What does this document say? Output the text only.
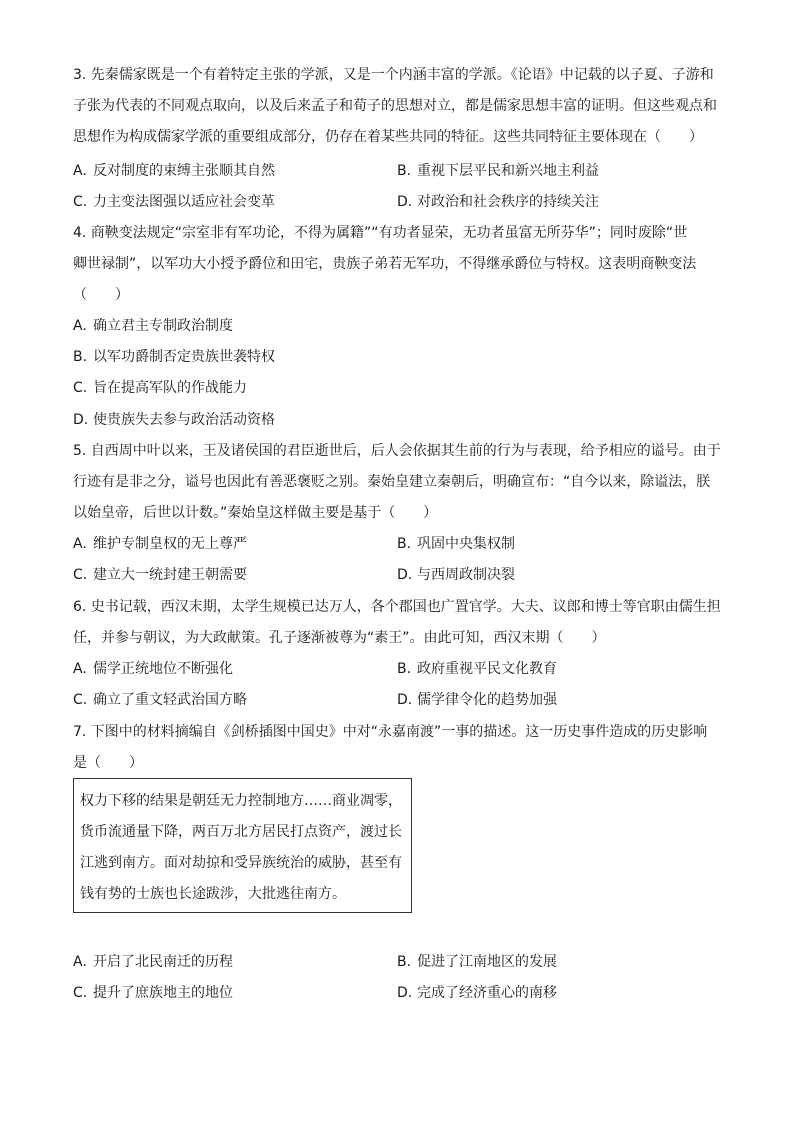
3. 先秦儒家既是一个有着特定主张的学派，又是一个内涵丰富的学派。《论语》中记载的以子夏、子游和
子张为代表的不同观点取向，以及后来孟子和荀子的思想对立，都是儒家思想丰富的证明。但这些观点和
思想作为构成儒家学派的重要组成部分，仍存在着某些共同的特征。这些共同特征主要体现在（　　）
A. 反对制度的束缚主张顺其自然	B. 重视下层平民和新兴地主利益
C. 力主变法图强以适应社会变革	D. 对政治和社会秩序的持续关注
4. 商鞅变法规定“宗室非有军功论，不得为属籍”“有功者显荣，无功者虽富无所芬华”；同时废除“世
卿世禄制”，以军功大小授予爵位和田宅，贵族子弟若无军功，不得继承爵位与特权。这表明商鞅变法
（　　）
A. 确立君主专制政治制度
B. 以军功爵制否定贵族世袭特权
C. 旨在提高军队的作战能力
D. 使贵族失去参与政治活动资格
5. 自西周中叶以来，王及诸侯国的君臣逝世后，后人会依据其生前的行为与表现，给予相应的谥号。由于
行迹有是非之分，谥号也因此有善恶褒贬之别。秦始皇建立秦朝后，明确宣布：“自今以来，除谥法，朕
以始皇帝，后世以计数。”秦始皇这样做主要是基于（　　）
A. 维护专制皇权的无上尊严	B. 巩固中央集权制
C. 建立大一统封建王朝需要	D. 与西周政制决裂
6. 史书记载，西汉末期，太学生规模已达万人，各个郡国也广置官学。大夫、议郎和博士等官职由儒生担
任，并参与朝议，为大政献策。孔子逐渐被尊为“素王”。由此可知，西汉末期（　　）
A. 儒学正统地位不断强化	B. 政府重视平民文化教育
C. 确立了重文轻武治国方略	D. 儒学律令化的趋势加强
7. 下图中的材料摘编自《剑桥插图中国史》中对“永嘉南渡”一事的描述。这一历史事件造成的历史影响
是（　　）
权力下移的结果是朝廷无力控制地方……商业凋零，
货币流通量下降，两百万北方居民打点资产，渡过长
江逃到南方。面对劫掠和受异族统治的威胁，甚至有
钱有势的士族也长途跋涉，大批逃往南方。
A. 开启了北民南迁的历程	B. 促进了江南地区的发展
C. 提升了庶族地主的地位	D. 完成了经济重心的南移
